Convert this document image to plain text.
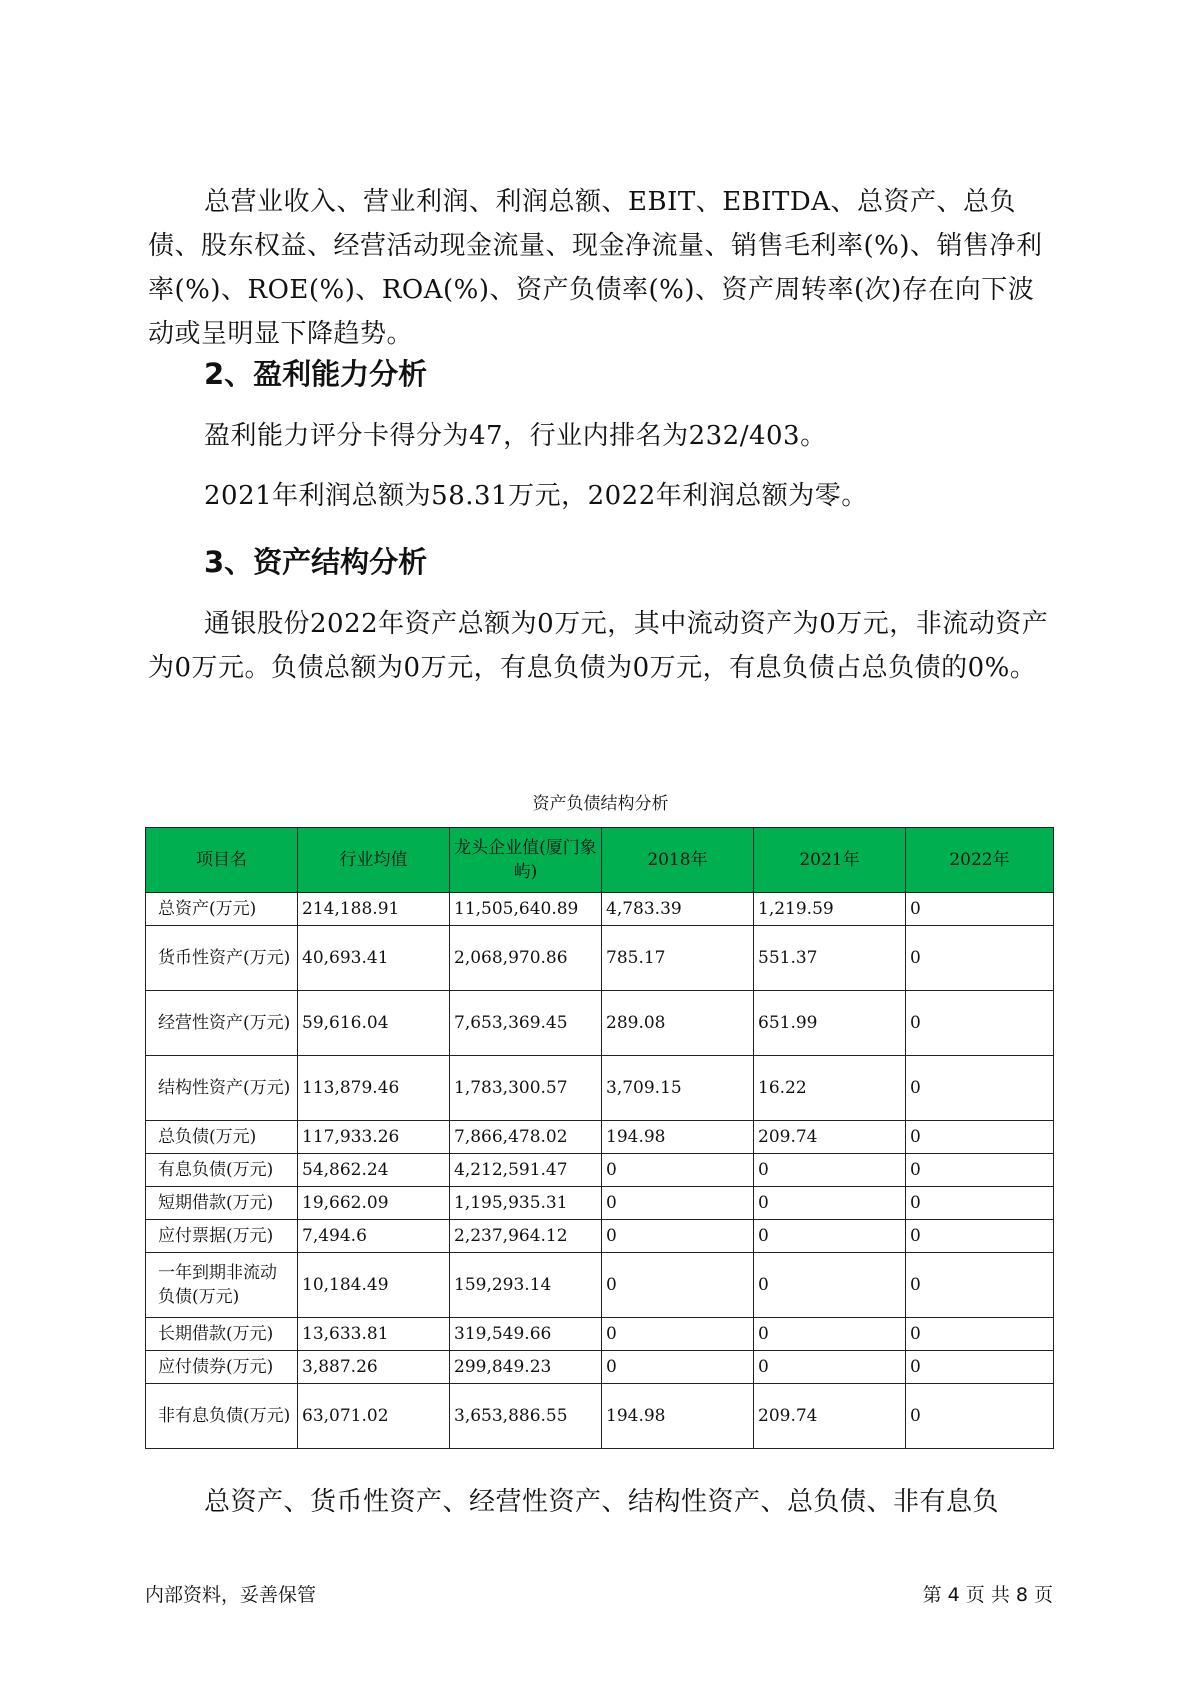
总营业收入、营业利润、利润总额、EBIT、EBITDA、总资产、总负债、股东权益、经营活动现金流量、现金净流量、销售毛利率(%)、销售净利率(%)、ROE(%)、ROA(%)、资产负债率(%)、资产周转率(次)存在向下波动或呈明显下降趋势。

2、盈利能力分析

盈利能力评分卡得分为47，行业内排名为232/403。

2021年利润总额为58.31万元，2022年利润总额为零。

3、资产结构分析

通银股份2022年资产总额为0万元，其中流动资产为0万元，非流动资产为0万元。负债总额为0万元，有息负债为0万元，有息负债占总负债的0%。

资产负债结构分析
项目名	行业均值	龙头企业值(厦门象屿)	2018年	2021年	2022年
总资产(万元)	214,188.91	11,505,640.89	4,783.39	1,219.59	0
货币性资产(万元)	40,693.41	2,068,970.86	785.17	551.37	0
经营性资产(万元)	59,616.04	7,653,369.45	289.08	651.99	0
结构性资产(万元)	113,879.46	1,783,300.57	3,709.15	16.22	0
总负债(万元)	117,933.26	7,866,478.02	194.98	209.74	0
有息负债(万元)	54,862.24	4,212,591.47	0	0	0
短期借款(万元)	19,662.09	1,195,935.31	0	0	0
应付票据(万元)	7,494.6	2,237,964.12	0	0	0
一年到期非流动负债(万元)	10,184.49	159,293.14	0	0	0
长期借款(万元)	13,633.81	319,549.66	0	0	0
应付债券(万元)	3,887.26	299,849.23	0	0	0
非有息负债(万元)	63,071.02	3,653,886.55	194.98	209.74	0

总资产、货币性资产、经营性资产、结构性资产、总负债、非有息负

内部资料，妥善保管	第 4 页 共 8 页
